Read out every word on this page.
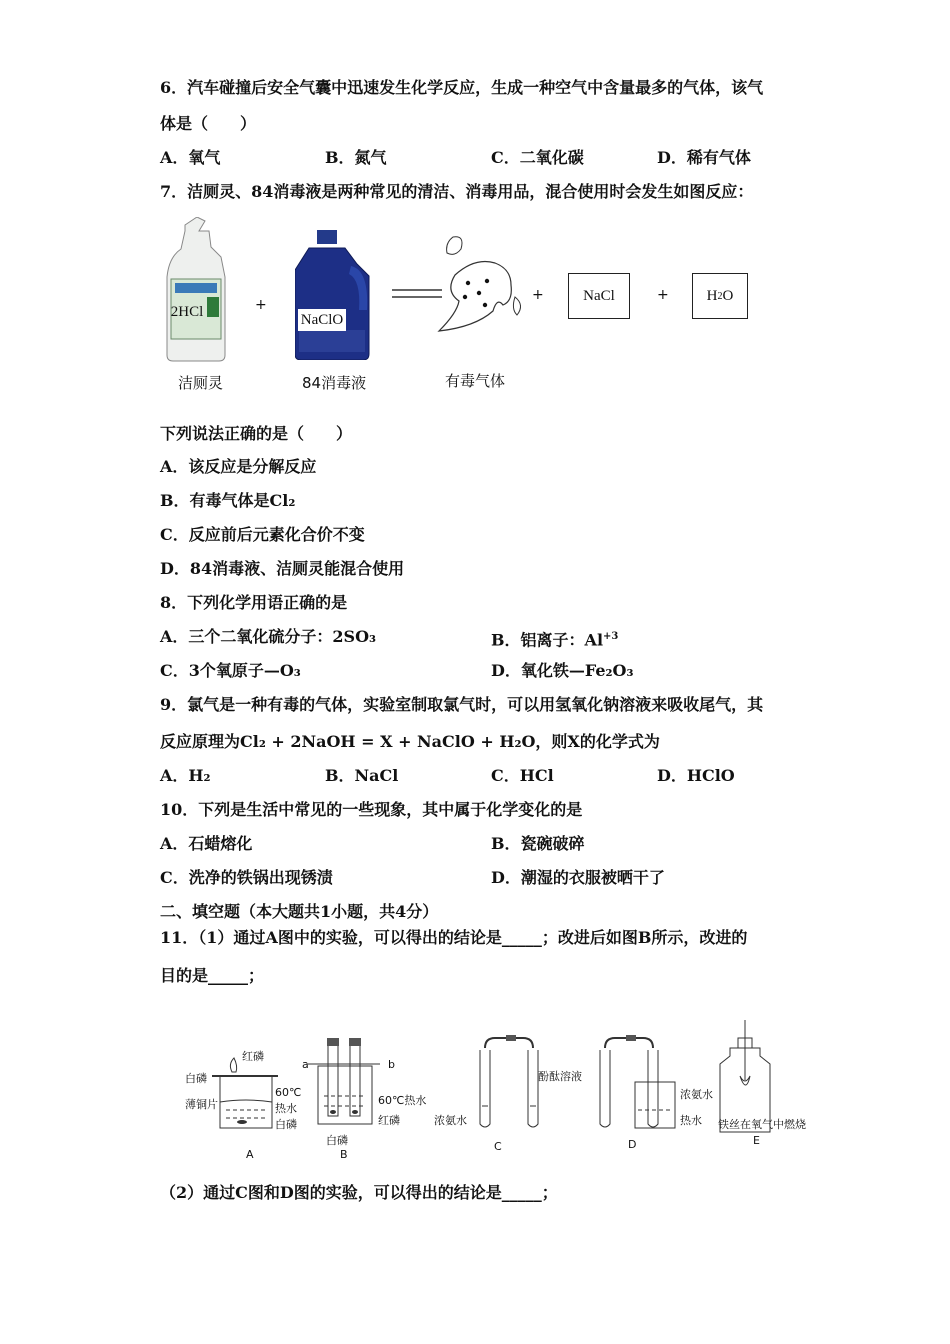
6．汽车碰撞后安全气囊中迅速发生化学反应，生成一种空气中含量最多的气体，该气
体是（　　）
A．氧气	B．氮气	C．二氧化碳	D．稀有气体
7．洁厕灵、84消毒液是两种常见的清洁、消毒用品，混合使用时会发生如图反应：
2HCl
洁厕灵
+
NaClO
84消毒液	有毒气体
+	NaCl	+	H 2 O
下列说法正确的是（　　）
A．该反应是分解反应
B．有毒气体是Cl₂
C．反应前后元素化合价不变
D．84消毒液、洁厕灵能混合使用
8．下列化学用语正确的是
A．三个二氧化硫分子：2SO₃	B．铝离子：$Al^{+3}$
C．3个氧原子—O₃	D．氧化铁—Fe₂O₃
9．氯气是一种有毒的气体，实验室制取氯气时，可以用氢氧化钠溶液来吸收尾气，其
反应原理为Cl₂ + 2NaOH = X + NaClO + H₂O，则X的化学式为
A．H₂	B．NaCl	C．HCl	D．HClO
10．下列是生活中常见的一些现象，其中属于化学变化的是
A．石蜡熔化	B．瓷碗破碎
C．洗净的铁锅出现锈渍	D．潮湿的衣服被晒干了
二、填空题（本大题共1小题，共4分）
11．（1）通过A图中的实验，可以得出的结论是_____；改进后如图B所示，改进的
目的是_____；
白磷
红磷
薄铜片
60℃
热水
白磷
A
a	b
60℃热水
红磷
白磷
B
浓氨水
C
酚酞溶液
浓氨水
热水
D
铁丝在氧气中燃烧
E
（2）通过C图和D图的实验，可以得出的结论是_____；
